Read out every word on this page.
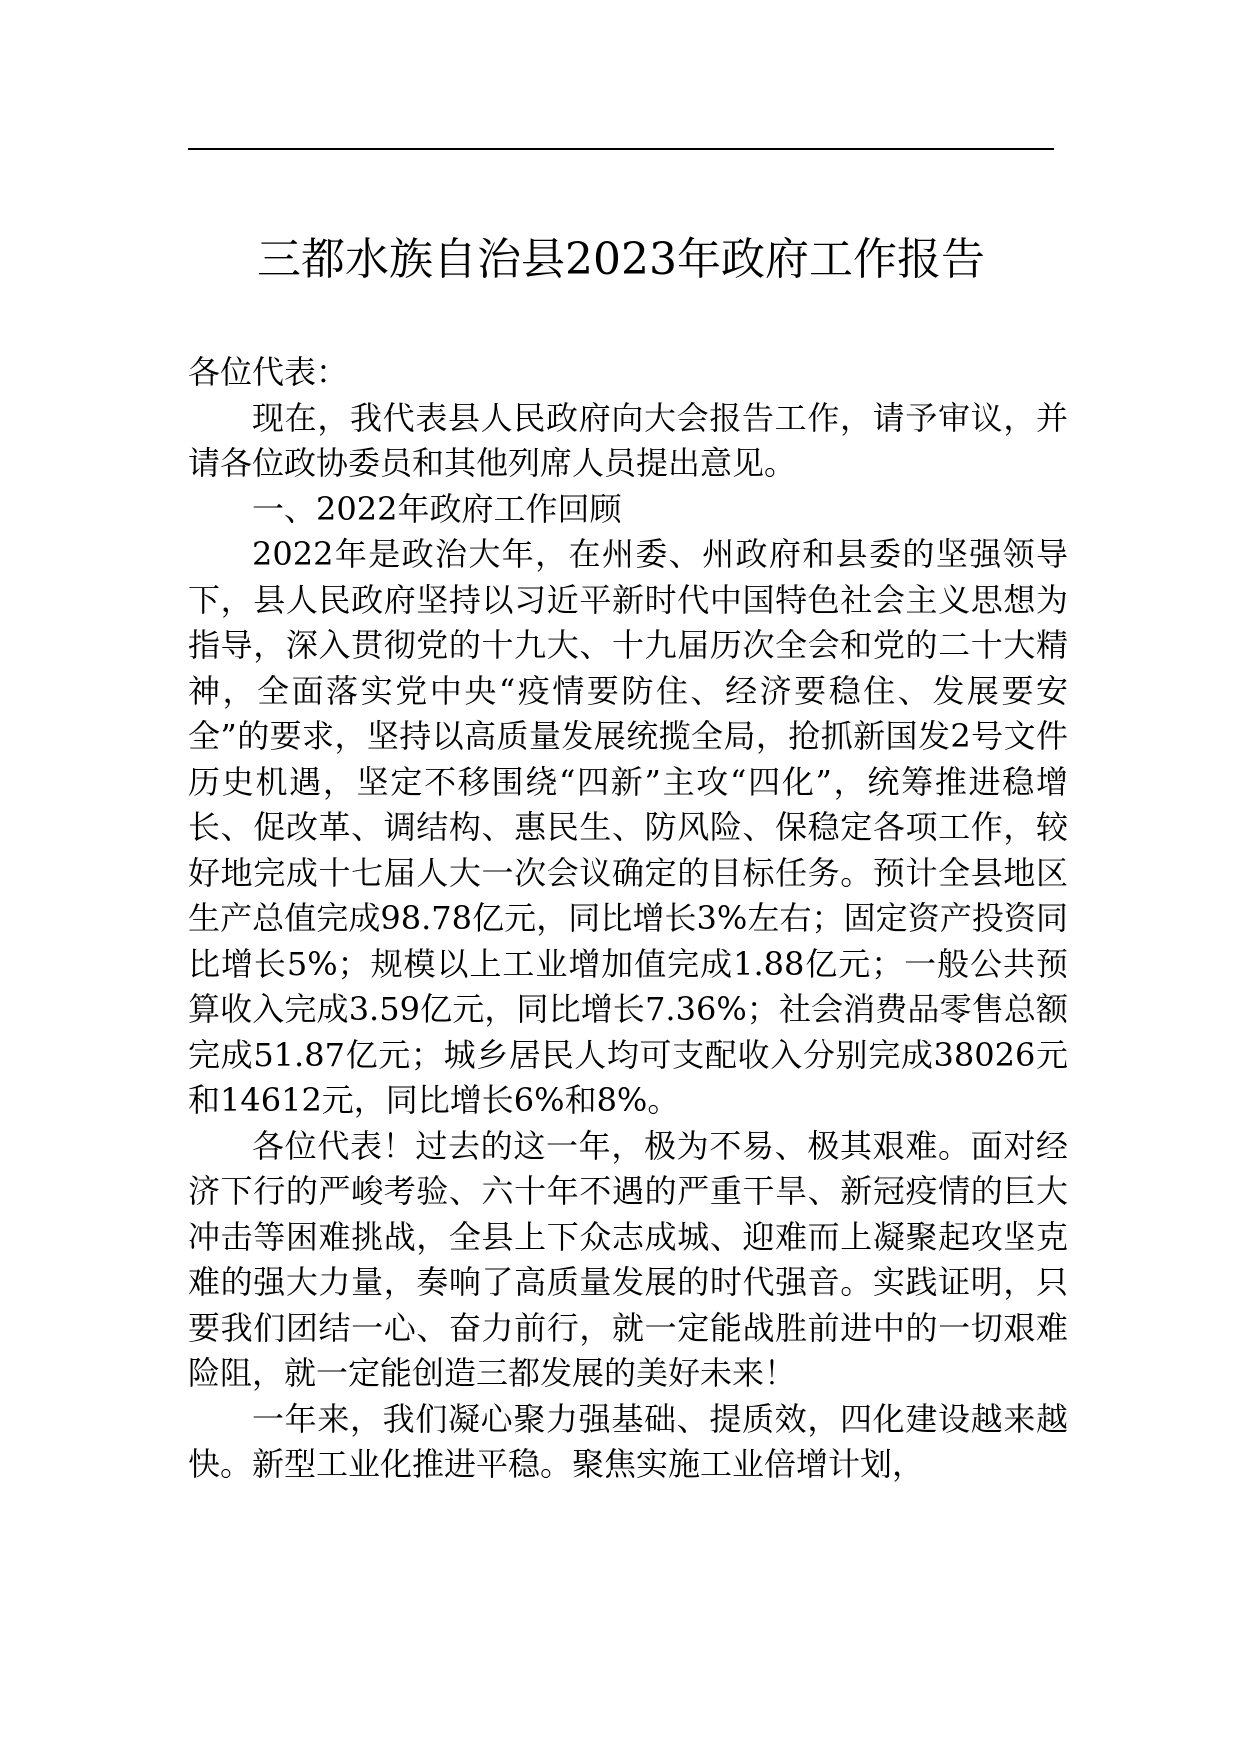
三都水族自治县2023年政府工作报告

各位代表：

现在，我代表县人民政府向大会报告工作，请予审议，并请各位政协委员和其他列席人员提出意见。

一、2022年政府工作回顾

2022年是政治大年，在州委、州政府和县委的坚强领导下，县人民政府坚持以习近平新时代中国特色社会主义思想为指导，深入贯彻党的十九大、十九届历次全会和党的二十大精神，全面落实党中央“疫情要防住、经济要稳住、发展要安全”的要求，坚持以高质量发展统揽全局，抢抓新国发2号文件历史机遇，坚定不移围绕“四新”主攻“四化”，统筹推进稳增长、促改革、调结构、惠民生、防风险、保稳定各项工作，较好地完成十七届人大一次会议确定的目标任务。预计全县地区生产总值完成98.78亿元，同比增长3%左右；固定资产投资同比增长5%；规模以上工业增加值完成1.88亿元；一般公共预算收入完成3.59亿元，同比增长7.36%；社会消费品零售总额完成51.87亿元；城乡居民人均可支配收入分别完成38026元和14612元，同比增长6%和8%。

各位代表！过去的这一年，极为不易、极其艰难。面对经济下行的严峻考验、六十年不遇的严重干旱、新冠疫情的巨大冲击等困难挑战，全县上下众志成城、迎难而上凝聚起攻坚克难的强大力量，奏响了高质量发展的时代强音。实践证明，只要我们团结一心、奋力前行，就一定能战胜前进中的一切艰难险阻，就一定能创造三都发展的美好未来！

一年来，我们凝心聚力强基础、提质效，四化建设越来越快。新型工业化推进平稳。聚焦实施工业倍增计划，
